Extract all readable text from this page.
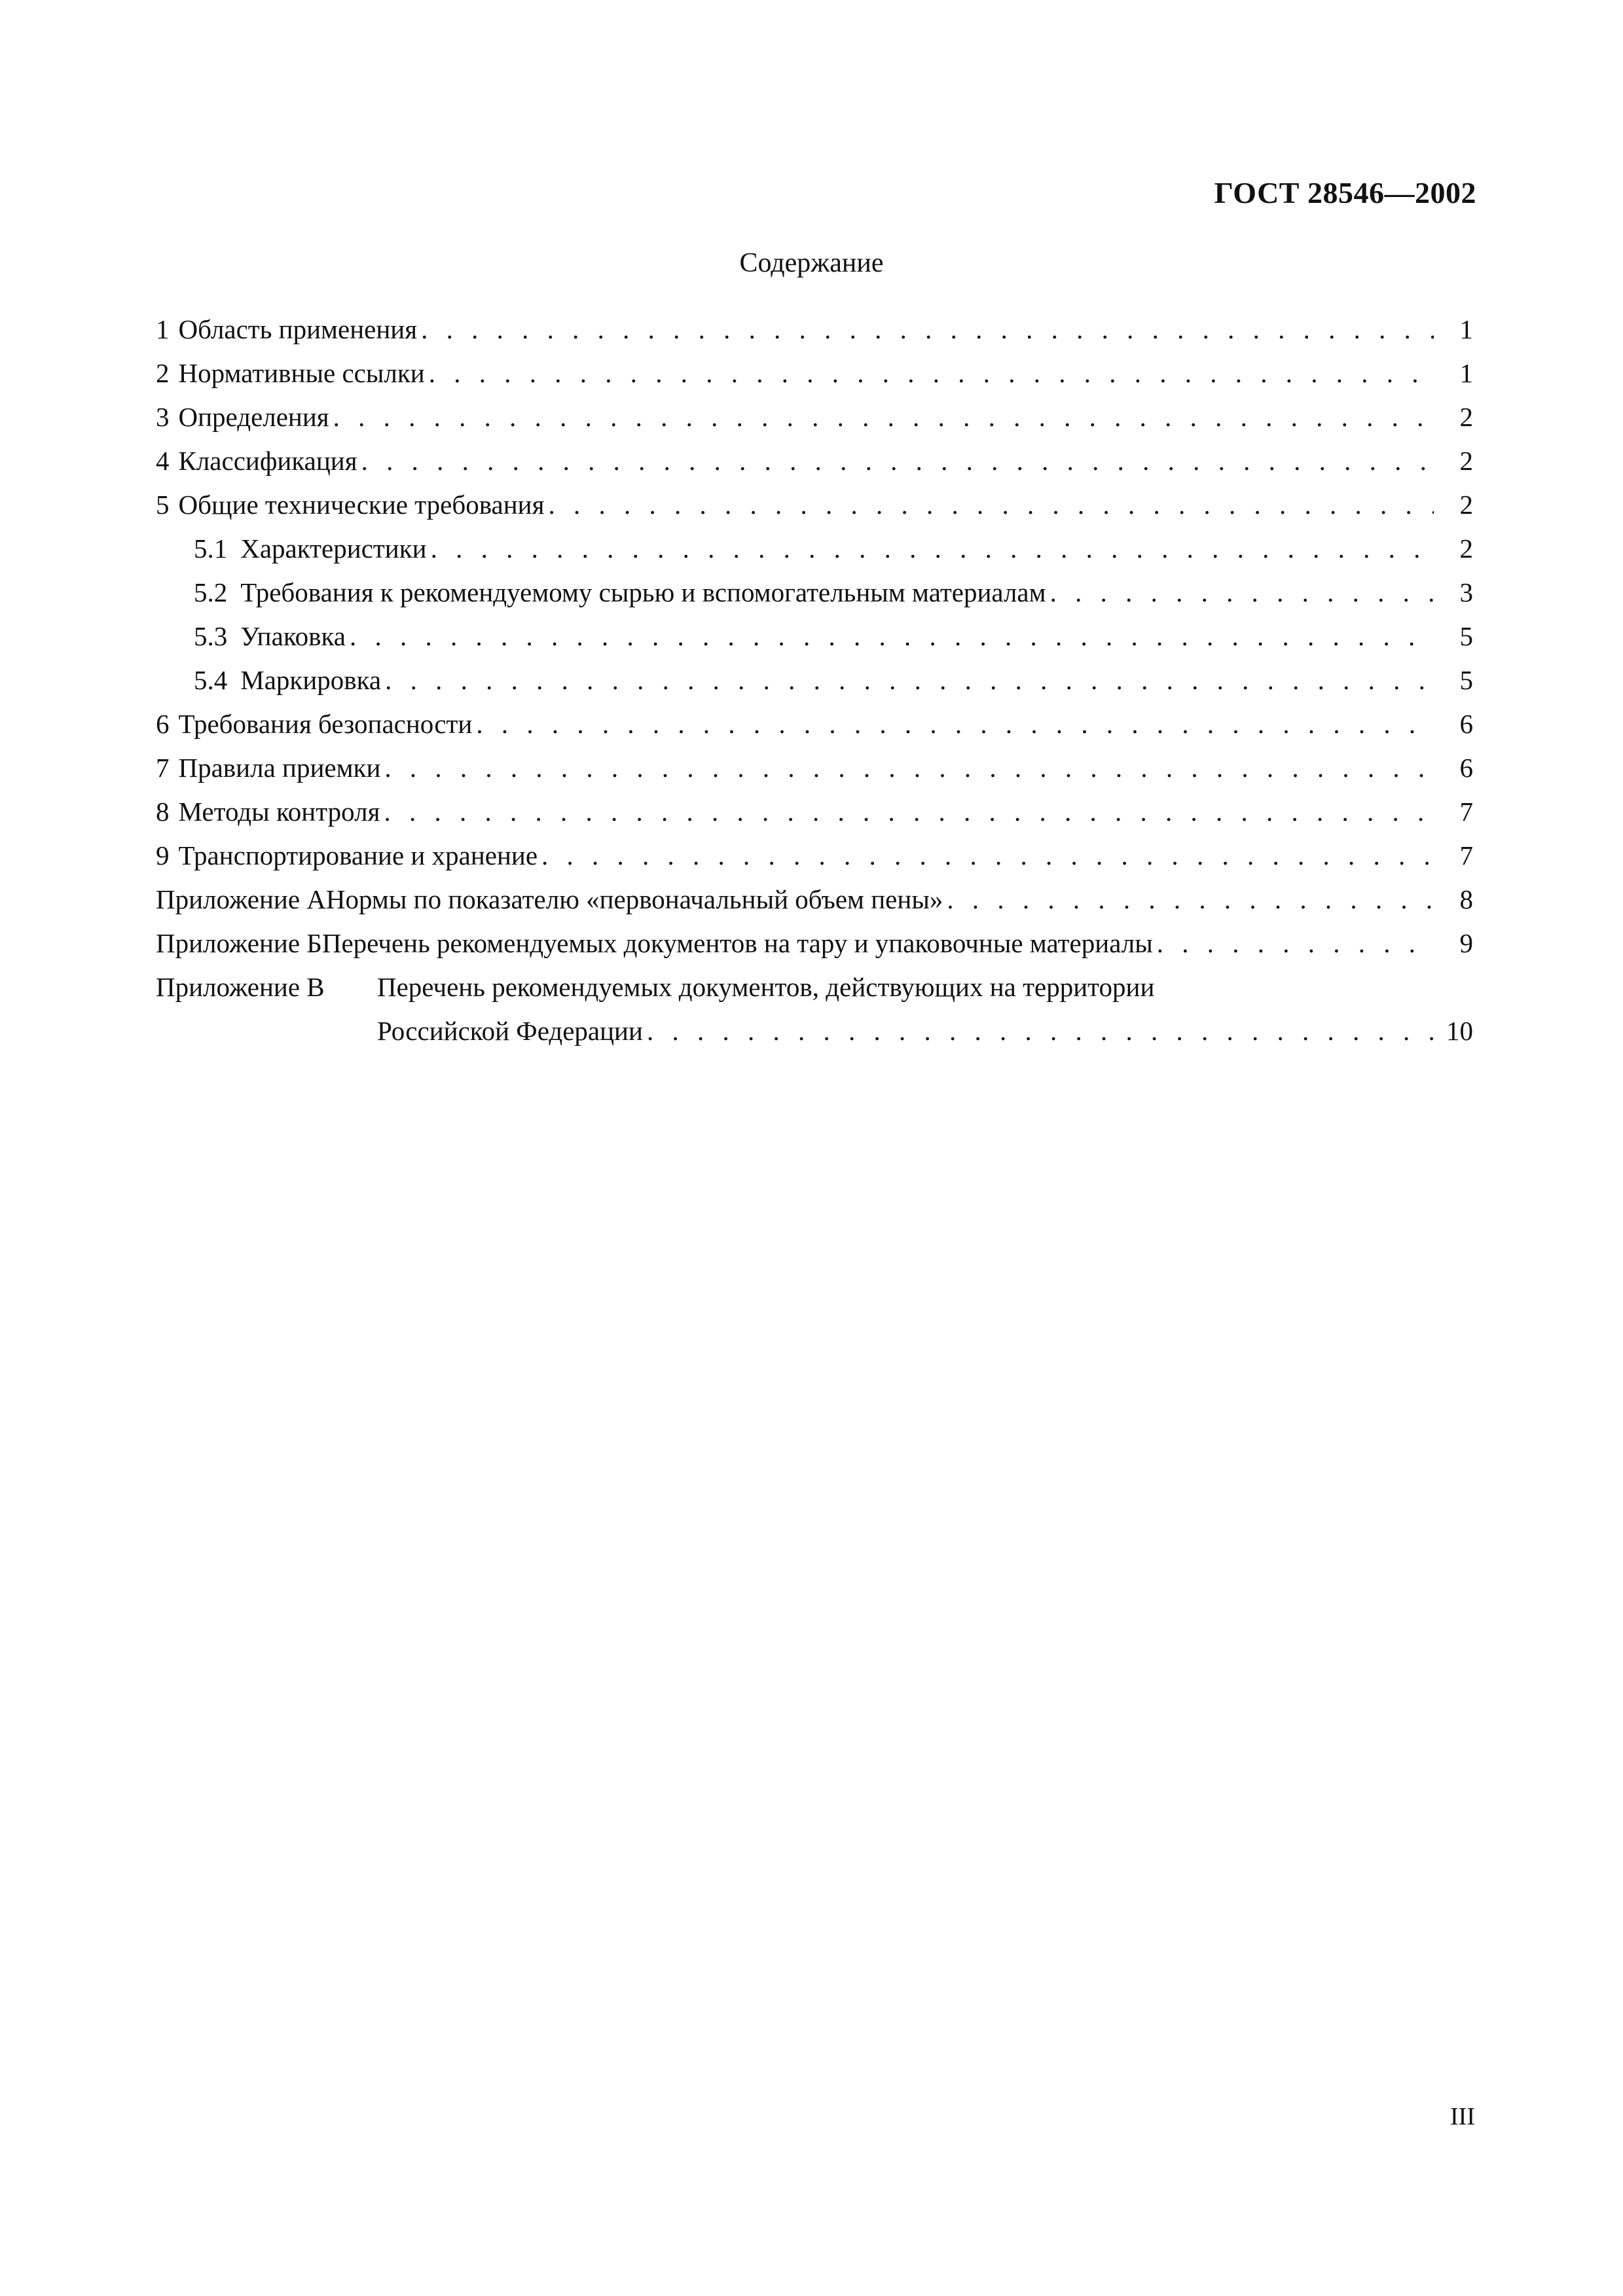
ГОСТ 28546—2002
Содержание
1 Область применения . . .	1
2 Нормативные ссылки . . .	1
3 Определения . . .	2
4 Классификация . . .	2
5 Общие технические требования . . .	2
5.1 Характеристики . . .	2
5.2 Требования к рекомендуемому сырью и вспомогательным материалам . . .	3
5.3 Упаковка . . .	5
5.4 Маркировка . . .	5
6 Требования безопасности . . .	6
7 Правила приемки . . .	6
8 Методы контроля . . .	7
9 Транспортирование и хранение . . .	7
Приложение А Нормы по показателю «первоначальный объем пены» . . .	8
Приложение Б Перечень рекомендуемых документов на тару и упаковочные материалы . . .	9
Приложение В	Перечень рекомендуемых документов, действующих на территории
Российской Федерации . . .	10
III
